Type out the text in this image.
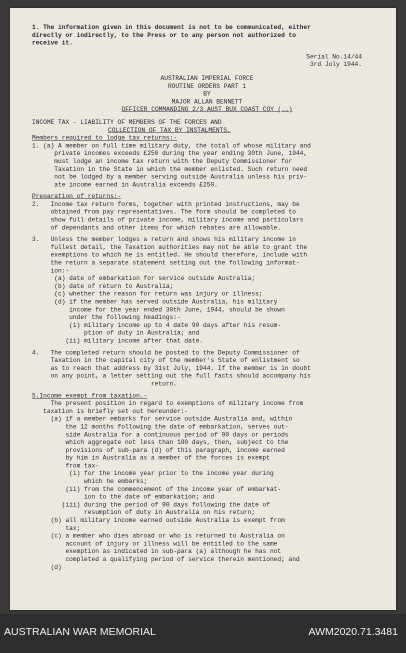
1. The information given in this document is not to be communicated, either
directly or indirectly, to the Press or to any person not authorized to
receive it.
Serial No.14/44
3rd July 1944.
AUSTRALIAN IMPERIAL FORCE
ROUTINE ORDERS PART 1
BY
MAJOR ALLAN BENNETT
OFFICER COMMANDING 2/3 AUST BUX COAST COY (..)
INCOME TAX - LIABILITY OF MEMBERS OF THE FORCES AND
COLLECTION OF TAX BY INSTALMENTS.
Members required to lodge tax returns:-
1. (a) A member on full time military duty, the total of whose military and
private incomes exceeds £250 during the year ending 30th June, 1944,
must lodge an income tax return with the Deputy Commissioner for
Taxation in the State in which the member enlisted. Such return need
not be lodged by a member serving outside Australia unless his priv-
ate income earned in Australia exceeds £250.
Preparation of returns:-
2.   Income tax return forms, together with printed instructions, may be
obtained from pay representatives. The form should be completed to
show full details of private income, military income and particulars
of dependants and other items for which rebates are allowable.
3.   Unless the member lodges a return and shows his military income in
fullest detail, the Taxation authorities may not be able to grant the
exemptions to which he is entitled. He should therefore, include with
the return a separate statement setting out the following informat-
ion:-
(a) date of embarkation for service outside Australia;
(b) date of return to Australia;
(c) whether the reason for return was injury or illness;
(d) if the member has served outside Australia, his military
income for the year ended 30th June, 1944, should be shown
under the following headings:-
(i) military income up to 4 date 90 days after his resum-
ption of duty in Australia; and
(ii) military income after that date.
4.   The completed return should be posted to the Deputy Commissioner of
Taxation in the capital city of the member's State of enlistment so
as to reach that address by 31st July, 1944. If the member is in doubt
on any point, a letter setting out the full facts should accompany his
return.
5.Income exempt from taxation.-
The present position in regard to exemptions of military income from
taxation is briefly set out hereunder:-
(a) if a member embarks for service outside Australia and, within
the 12 months following the date of embarkation, serves out-
side Australia for a continuous period of 90 days or periods
which aggregate not less than 180 days, then, subject to the
provisions of sub-para (d) of this paragraph, income earned
by him in Australia as a member of the forces is exempt
from tax-
(i) for the income year prior to the income year during
which he embarks;
(ii) from the commencement of the income year of embarkat-
ion to the date of embarkation; and
(iii) during the period of 90 days following the date of
resumption of duty in Australia on his return;
(b) all military income earned outside Australia is exempt from
tax;
(c) a member who dies abroad or who is returned to Australia on
account of injury or illness will be entitled to the same
exemption as indicated in sub-para (a) although he has not
completed a qualifying period of service therein mentioned; and
(d)
AUSTRALIAN WAR MEMORIAL	AWM2020.71.3481
